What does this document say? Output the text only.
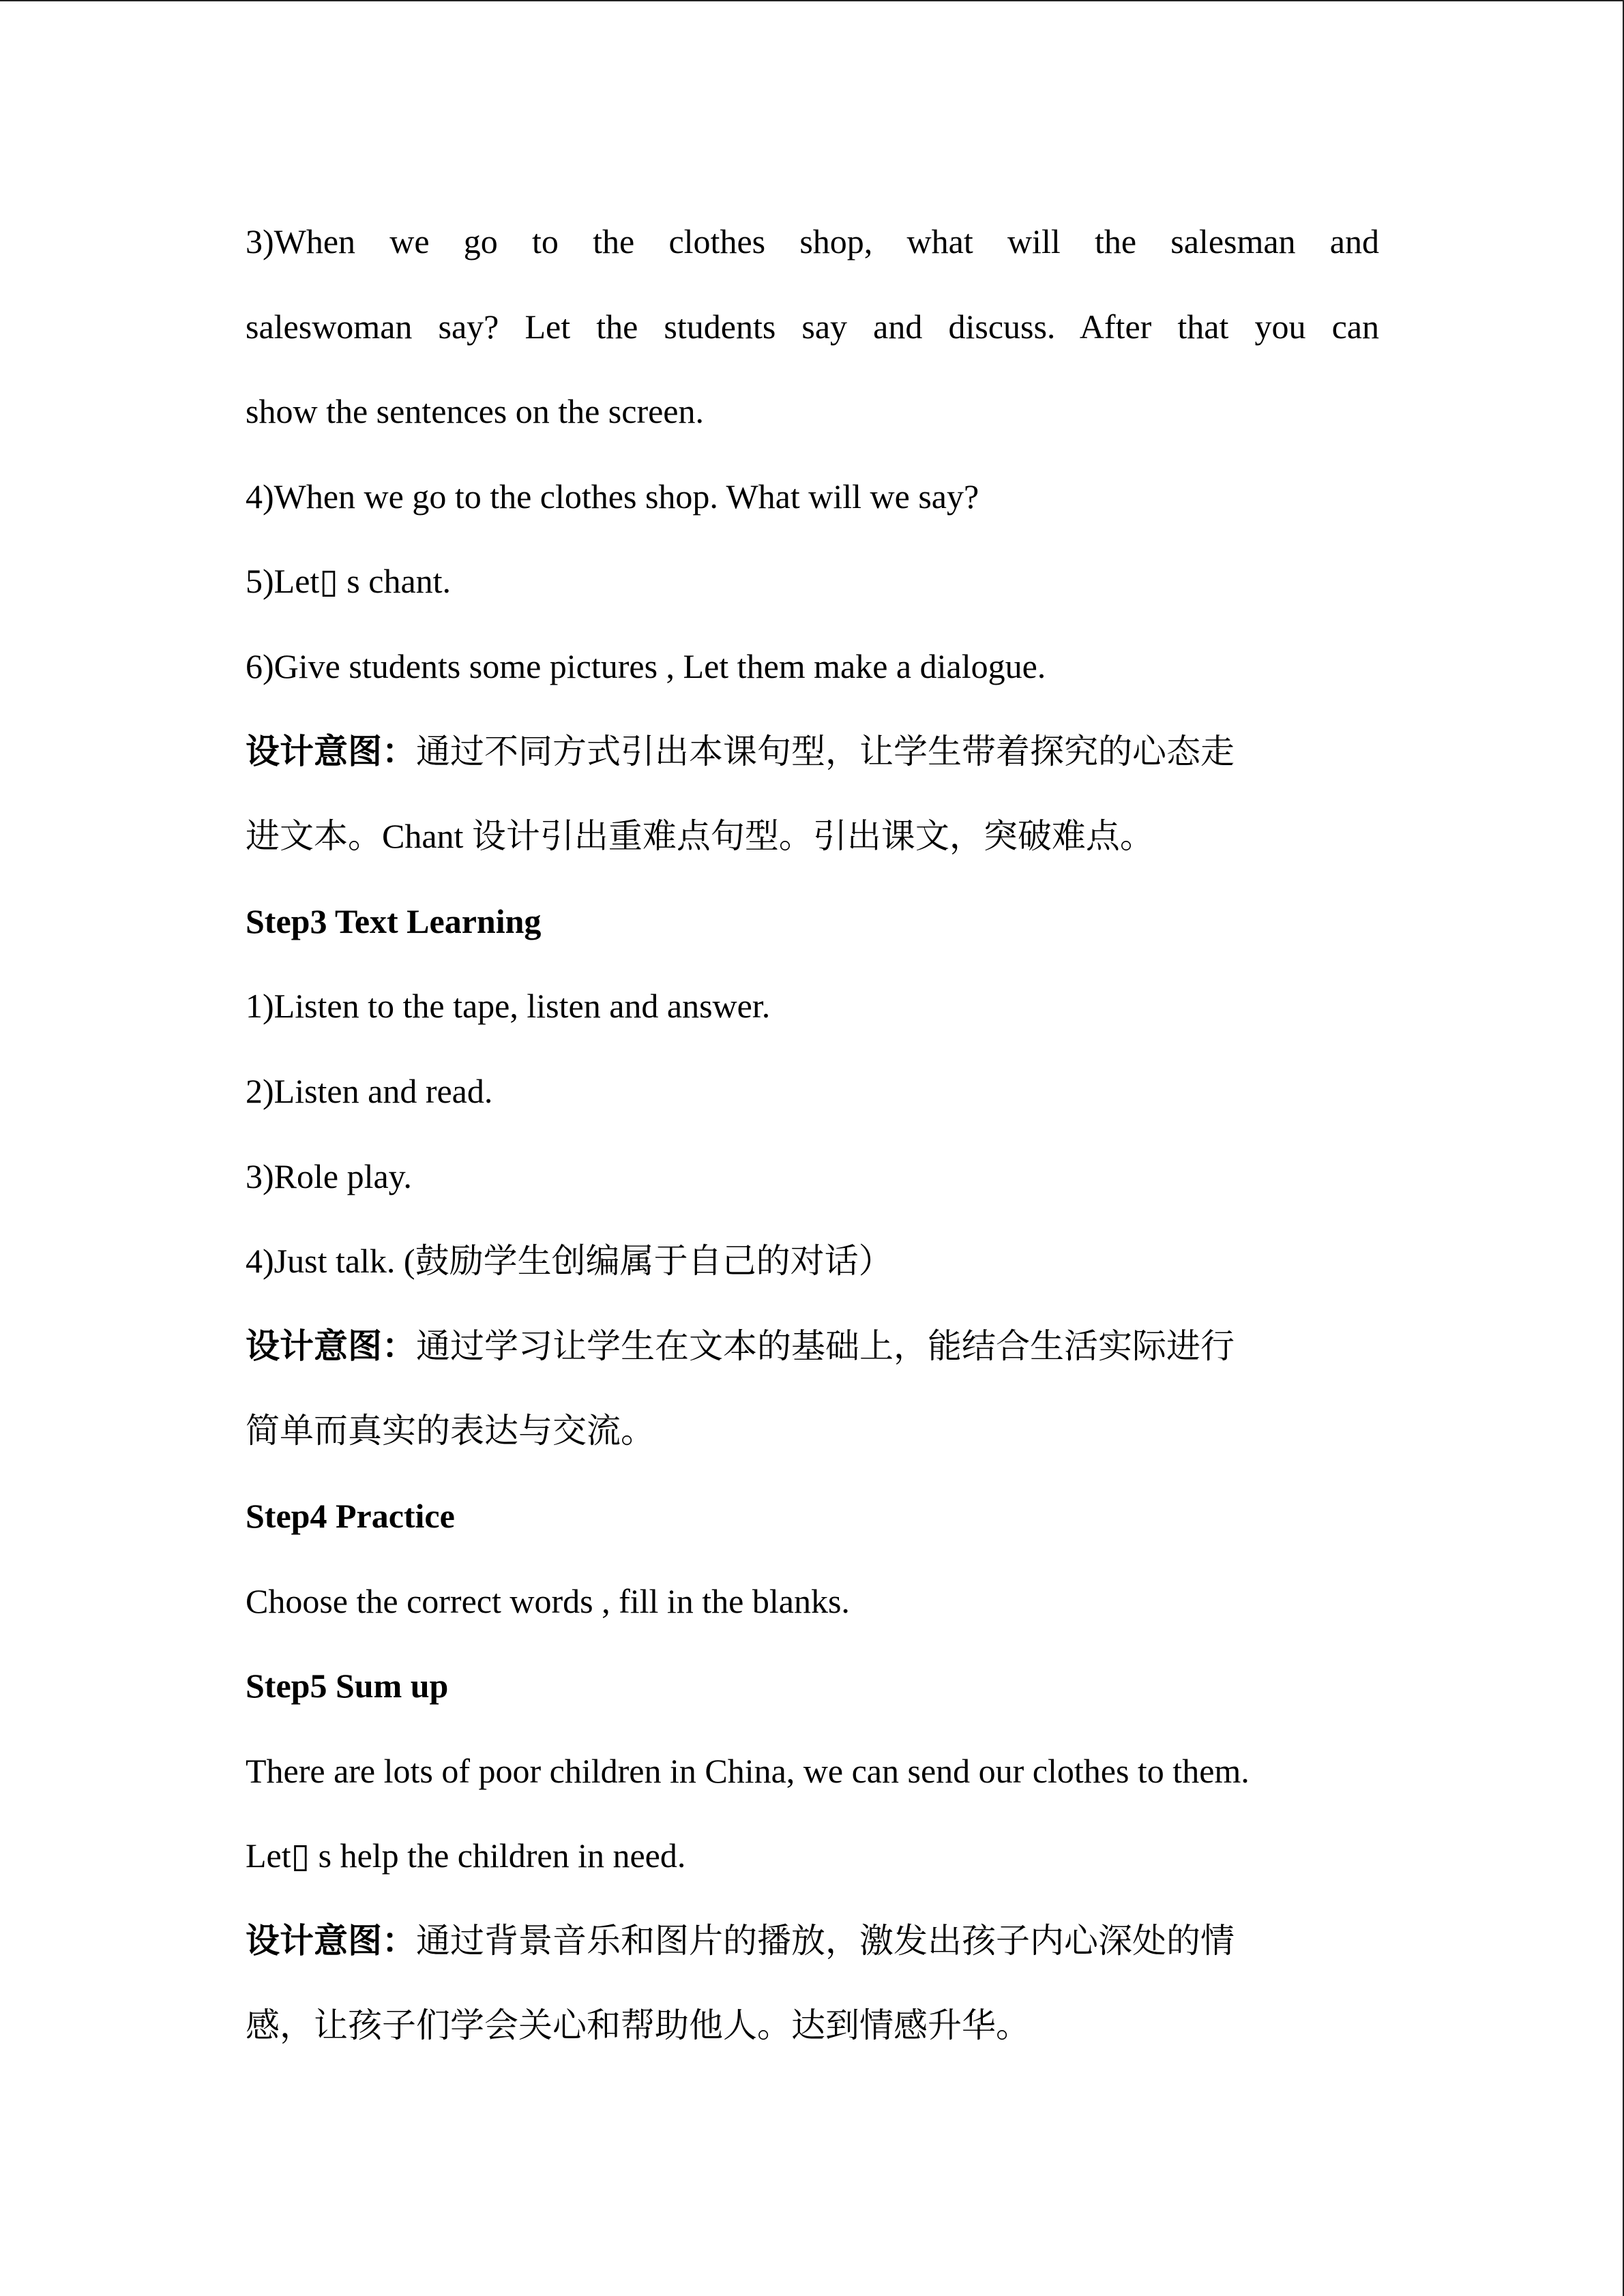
3)When we go to the clothes shop, what will the salesman and
saleswoman say? Let the students say and discuss. After that you can
show the sentences on the screen.
4)When we go to the clothes shop. What will we say?
5)Let▯ s chant.
6)Give students some pictures , Let them make a dialogue.
设计意图：通过不同方式引出本课句型，让学生带着探究的心态走
进文本。Chant 设计引出重难点句型。引出课文，突破难点。
Step3 Text Learning
1)Listen to the tape, listen and answer.
2)Listen and read.
3)Role play.
4)Just talk. (鼓励学生创编属于自己的对话）
设计意图：通过学习让学生在文本的基础上，能结合生活实际进行
简单而真实的表达与交流。
Step4 Practice
Choose the correct words , fill in the blanks.
Step5 Sum up
There are lots of poor children in China, we can send our clothes to them.
Let▯ s help the children in need.
设计意图：通过背景音乐和图片的播放，激发出孩子内心深处的情
感，让孩子们学会关心和帮助他人。达到情感升华。
